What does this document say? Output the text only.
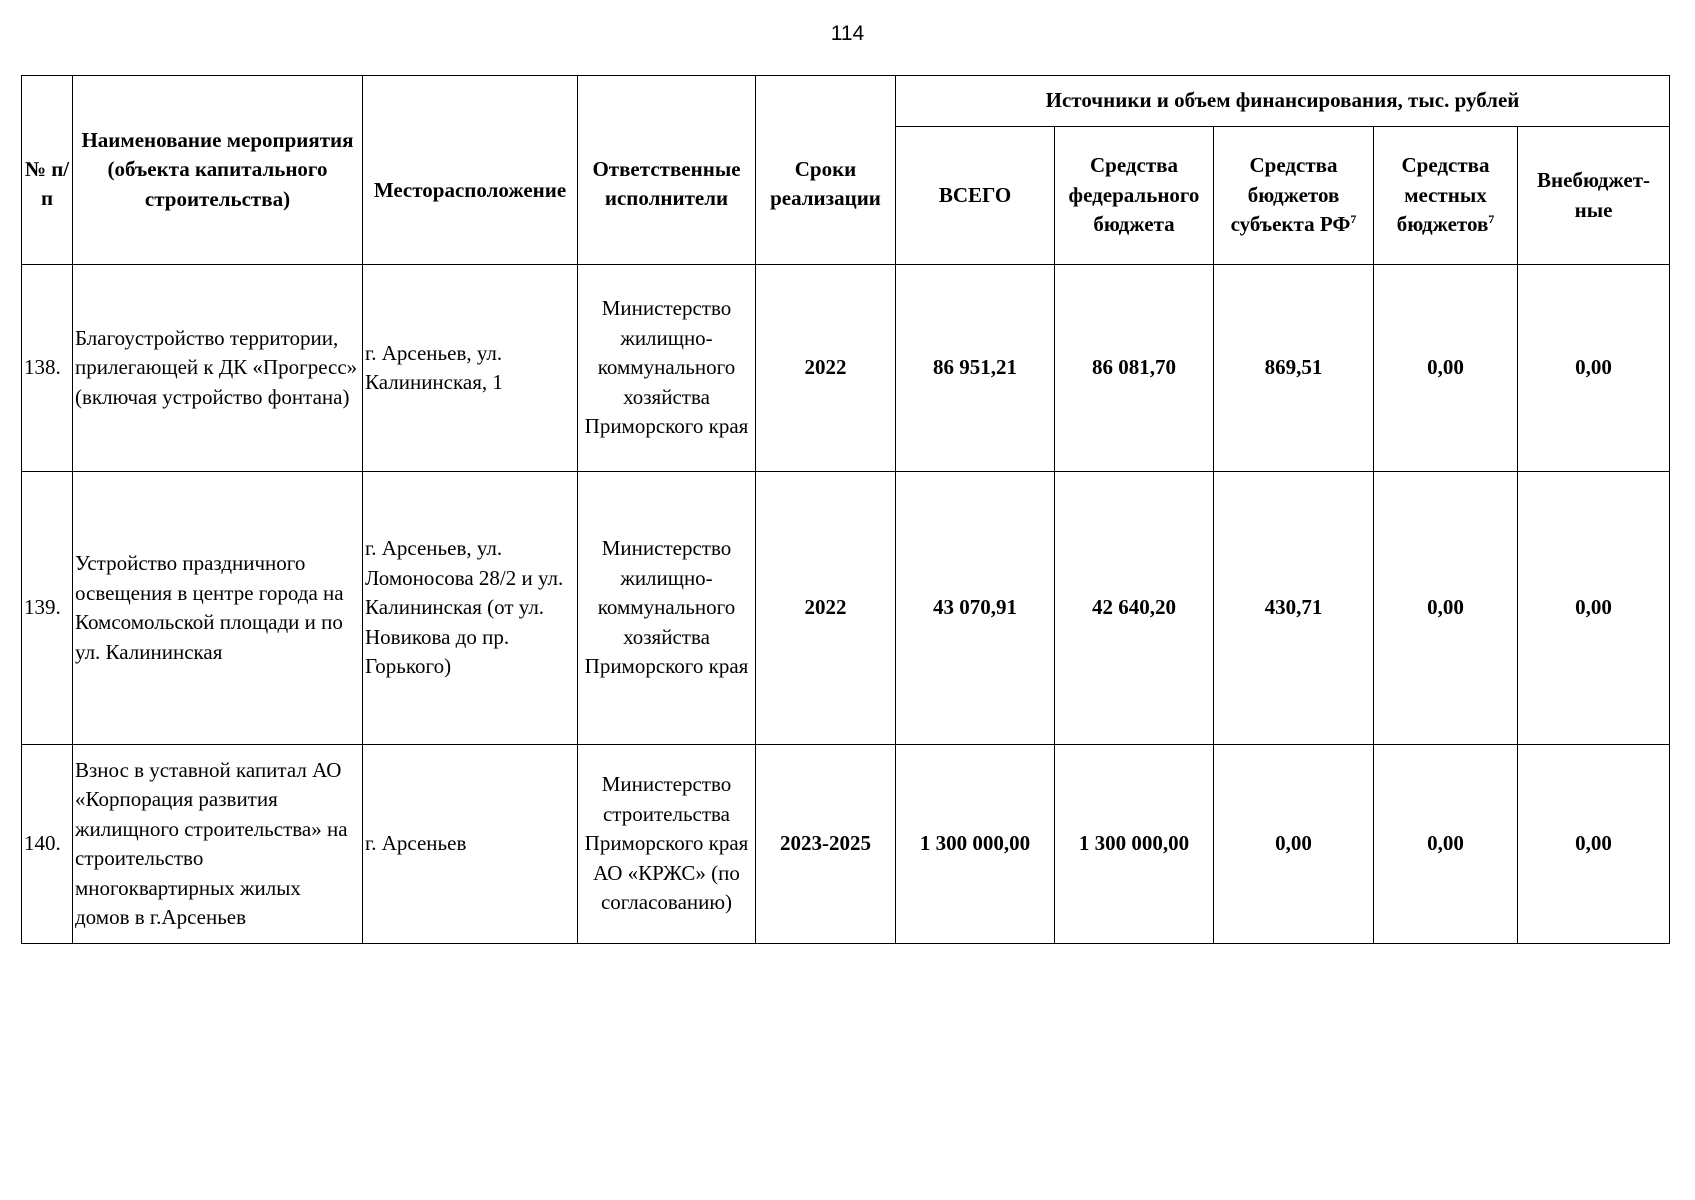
114
№ п/п	Наименование мероприятия (объекта капитального строительства)	Месторасположение	Ответственные исполнители	Сроки реализации	Источники и объем финансирования, тыс. рублей				
					ВСЕГО	Средства федерального бюджета	Средства бюджетов субъекта $РФ^7$	Средства местных бюджетов$^7$	Внебюджет-ные
138.	Благоустройство территории, прилегающей к ДК «Прогресс» (включая устройство фонтана)	г. Арсеньев, ул. Калининская, 1	Министерство жилищно-коммунального хозяйства Приморского края	2022	86 951,21	86 081,70	869,51	0,00	0,00
139.	Устройство праздничного освещения в центре города на Комсомольской площади и по ул. Калининская	г. Арсеньев, ул. Ломоносова 28/2 и ул. Калининская (от ул. Новикова до пр. Горького)	Министерство жилищно-коммунального хозяйства Приморского края	2022	43 070,91	42 640,20	430,71	0,00	0,00
140.	Взнос в уставной капитал АО «Корпорация развития жилищного строительства» на строительство многоквартирных жилых домов в г.Арсеньев	г. Арсеньев	Министерство строительства Приморского края АО «КРЖС» (по согласованию)	2023-2025	1 300 000,00	1 300 000,00	0,00	0,00	0,00
